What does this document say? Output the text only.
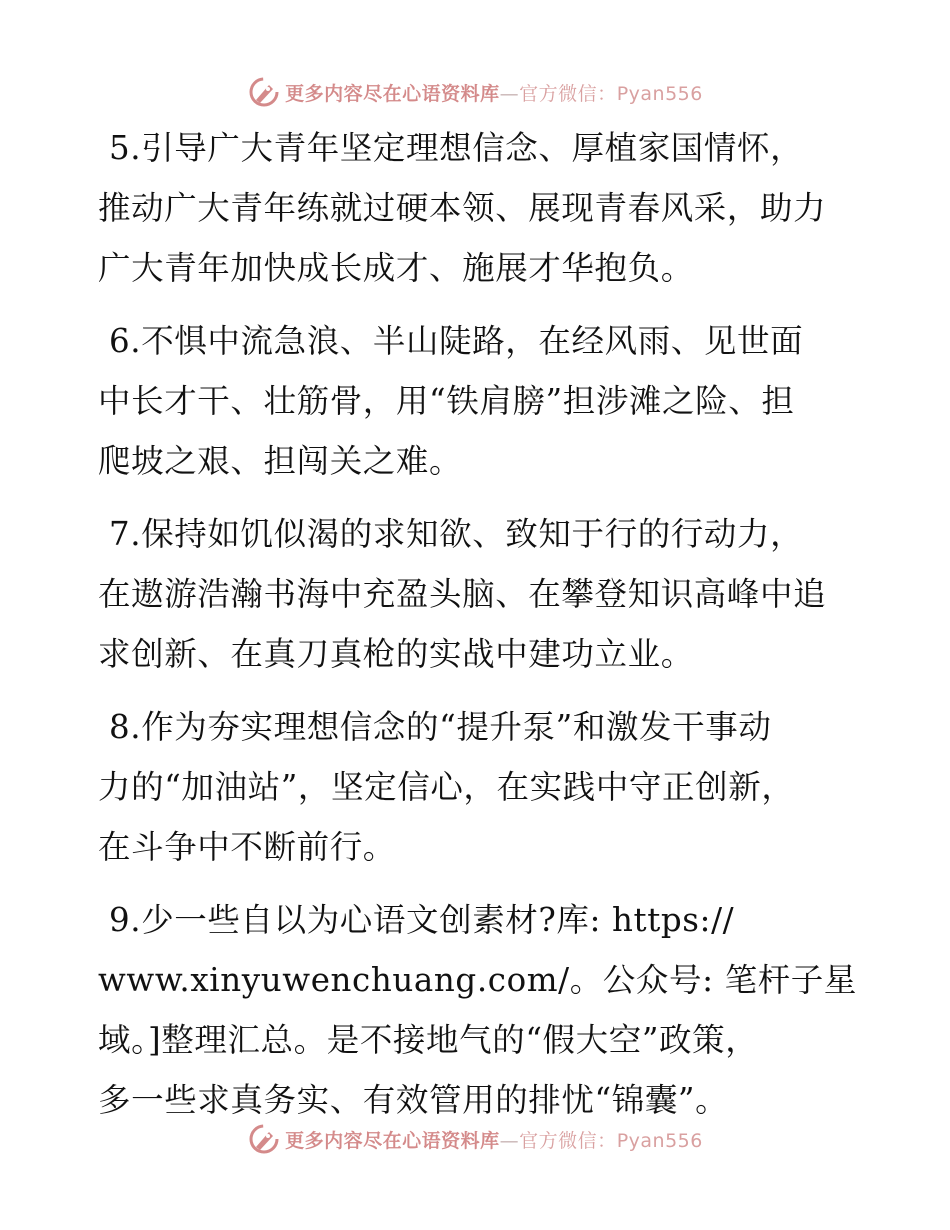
更多内容尽在心语资料库—官方微信：Pyan556
5.引导广大青年坚定理想信念、厚植家国情怀，
推动广大青年练就过硬本领、展现青春风采，助力
广大青年加快成长成才、施展才华抱负。
6.不惧中流急浪、半山陡路，在经风雨、见世面
中长才干、壮筋骨，用“铁肩膀”担涉滩之险、担
爬坡之艰、担闯关之难。
7.保持如饥似渴的求知欲、致知于行的行动力，
在遨游浩瀚书海中充盈头脑、在攀登知识高峰中追
求创新、在真刀真枪的实战中建功立业。
8.作为夯实理想信念的“提升泵”和激发干事动
力的“加油站”，坚定信心，在实践中守正创新，
在斗争中不断前行。
9.少一些自以为心语文创素材?库: https://
www.xinyuwenchuang.com/。公众号: 笔杆子星
域。]整理汇总。是不接地气的“假大空”政策，
多一些求真务实、有效管用的排忧“锦囊”。
更多内容尽在心语资料库—官方微信：Pyan556
